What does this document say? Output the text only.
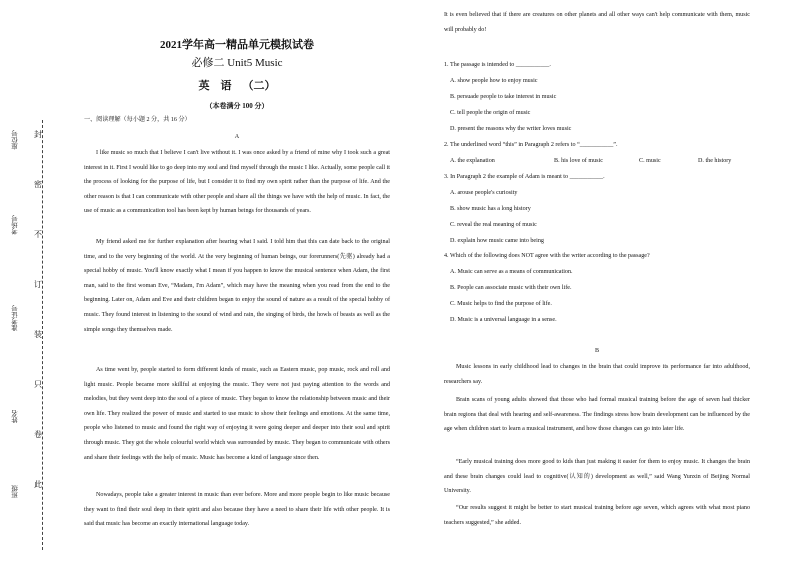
封
密
不
订
装
只
卷
此
座位号
考场号
准考证号
姓名
班级
2021学年高一精品单元模拟试卷
必修二 Unit5 Music
英    语    （二）
（本卷满分 100 分）
一、阅读理解（每小题 2 分，共 16 分）
A
I like music so much that I believe I can't live without it. I was once asked by a friend of mine why I took such a great interest in it. First I would like to go deep into my soul and find myself through the music I like. Actually, some people call it the process of looking for the purpose of life, but I consider it to find my own spirit rather than the purpose of life. And the other reason is that I can communicate with other people and share all the things we have with the help of music. In fact, the use of music as a communication tool has been kept by human beings for thousands of years.
My friend asked me for further explanation after hearing what I said. I told him that this can date back to the original time, and to the very beginning of the world. At the very beginning of human beings, our forerunners(先驱) already had a special hobby of music. You'll know exactly what I mean if you happen to know the musical sentence when Adam, the first man, said to the first woman Eve, “Madam, I'm Adam”, which may have the meaning when you read from the end to the beginning. Later on, Adam and Eve and their children began to enjoy the sound of nature as a result of the special hobby of music. They found interest in listening to the sound of wind and rain, the singing of birds, the howls of beasts as well as the simple songs they themselves made.
As time went by, people started to form different kinds of music, such as Eastern music, pop music, rock and roll and light music. People became more skillful at enjoying the music. They were not just paying attention to the words and melodies, but they went deep into the soul of a piece of music. They began to know the relationship between music and their own life. They realized the power of music and started to use music to show their feelings and emotions. At the same time, people who listened to music and found the right way of enjoying it were going deeper and deeper into their soul and spirit through music. They got the whole colourful world which was surrounded by music. They began to communicate with others and share their feelings with the help of music. Music has become a kind of language since then.
Nowadays, people take a greater interest in music than ever before. More and more people begin to like music because they want to find their soul deep in their spirit and also because they have a need to share their life with other people. It is said that music has become an exactly international language today.
It is even believed that if there are creatures on other planets and all other ways can't help communicate with them, music will probably do!
1. The passage is intended to ___________.
A. show people how to enjoy music
B. persuade people to take interest in music
C. tell people the origin of music
D. present the reasons why the writer loves music
2. The underlined word “this” in Paragraph 2 refers to “___________”.
A. the explanation	B. his love of music	C. music	D. the history
3. In Paragraph 2 the example of Adam is meant to ___________.
A. arouse people's curiosity
B. show music has a long history
C. reveal the real meaning of music
D. explain how music came into being
4. Which of the following does NOT agree with the writer according to the passage?
A. Music can serve as a means of communication.
B. People can associate music with their own life.
C. Music helps to find the purpose of life.
D. Music is a universal language in a sense.
B
Music lessons in early childhood lead to changes in the brain that could improve its performance far into adulthood, researchers say.
Brain scans of young adults showed that those who had formal musical training before the age of seven had thicker brain regions that deal with hearing and self-awareness. The findings stress how brain development can be influenced by the age when children start to learn a musical instrument, and how those changes can go into later life.
“Early musical training does more good to kids than just making it easier for them to enjoy music. It changes the brain and these brain changes could lead to cognitive(认知的) development as well,” said Wang Yunxin of Beijing Normal University.
“Our results suggest it might be better to start musical training before age seven, which agrees with what most piano teachers suggested,” she added.
